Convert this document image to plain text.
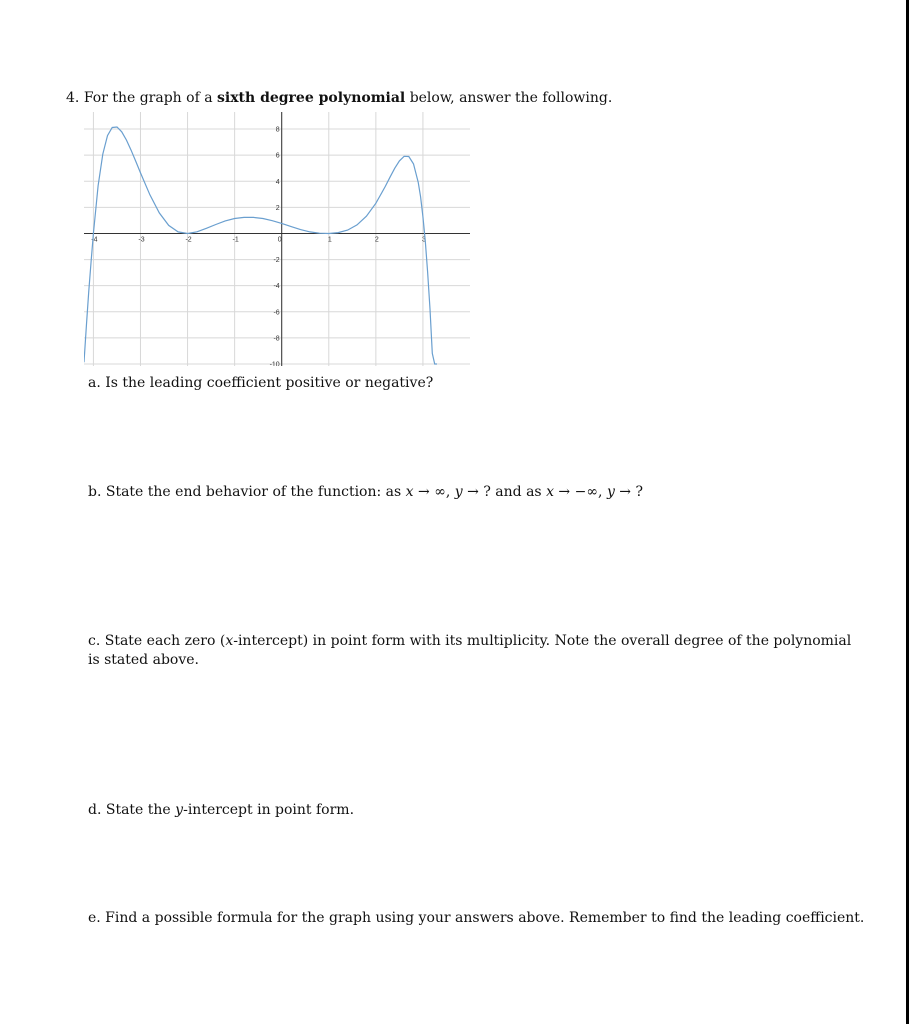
4. For the graph of a sixth degree polynomial below, answer the following.
-4	-3	-2	-1	0	1	2	3
8
6
4
2
-2
-4
-6
-8
-10
a. Is the leading coefficient positive or negative?
b. State the end behavior of the function: as x → ∞, y → ? and as x → −∞, y → ?
c. State each zero (x-intercept) in point form with its multiplicity. Note the overall degree of the polynomial is stated above.
d. State the y-intercept in point form.
e. Find a possible formula for the graph using your answers above. Remember to find the leading coefficient.
